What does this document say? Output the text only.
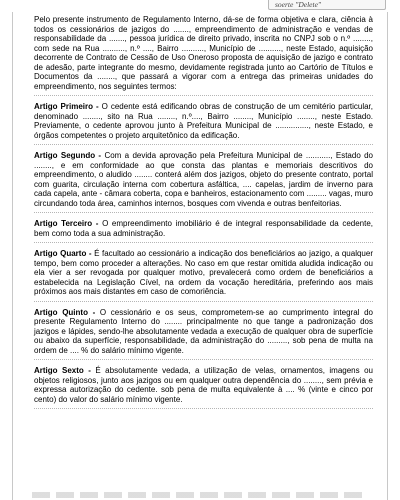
soerte "Delete"

Pelo presente instrumento de Regulamento Interno, dá-se de forma objetiva e clara, ciência à todos os cessionários de jazigos do ......., empreendimento de administração e vendas de responsabilidade da ......., pessoa jurídica de direito privado, inscrita no CNPJ sob o n.º ........, com sede na Rua .........., n.º ...., Bairro .........., Município de .........., neste Estado, aquisição decorrente de Contrato de Cessão de Uso Oneroso proposta de aquisição de jazigo e contrato de adesão, parte integrante do mesmo, devidamente registrada junto ao Cartório de Títulos e Documentos da ........, que passará a vigorar com a entrega das primeiras unidades do empreendimento, nos seguintes termos:

Artigo Primeiro - O cedente está edificando obras de construção de um cemitério particular, denominado ........, sito na Rua ........, n.º...., Bairro ........, Município ........, neste Estado. Previamente, o cedente aprovou junto à Prefeitura Municipal de ..............., neste Estado, e órgãos competentes o projeto arquitetônico da edificação.

Artigo Segundo - Com a devida aprovação pela Prefeitura Municipal de ..........., Estado do ........, e em conformidade ao que consta das plantas e memoriais descritivos do empreendimento, o aludido ........ conterá além dos jazigos, objeto do presente contrato, portal com guarita, circulação interna com cobertura asfáltica, .... capelas, jardim de inverno para cada capela, ante - câmara coberta, copa e banheiros, estacionamento com ......... vagas, muro circundando toda área, caminhos internos, bosques com vivenda e outras benfeitorias.

Artigo Terceiro - O empreendimento imobiliário é de integral responsabilidade da cedente, bem como toda a sua administração.

Artigo Quarto - É facultado ao cessionário a indicação dos beneficiários ao jazigo, a qualquer tempo, bem como proceder a alterações. No caso em que restar omitida aludida indicação ou ela vier a ser revogada por qualquer motivo, prevalecerá como ordem de beneficiários a estabelecida na Legislação Cível, na ordem da vocação hereditária, preferindo aos mais próximos aos mais distantes em caso de comoriência.

Artigo Quinto - O cessionário e os seus, comprometem-se ao cumprimento integral do presente Regulamento Interno do ........ principalmente no que tange a padronização dos jazigos e lápides, sendo-lhe absolutamente vedada a execução de qualquer obra de superfície ou abaixo da superfície, responsabilidade, da administração do ........., sob pena de multa na ordem de .... % do salário mínimo vigente.

Artigo Sexto - É absolutamente vedada, a utilização de velas, ornamentos, imagens ou objetos religiosos, junto aos jazigos ou em qualquer outra dependência do ........, sem prévia e expressa autorização do cedente. sob pena de multa equivalente à .... % (vinte e cinco por cento) do valor do salário mínimo vigente.
